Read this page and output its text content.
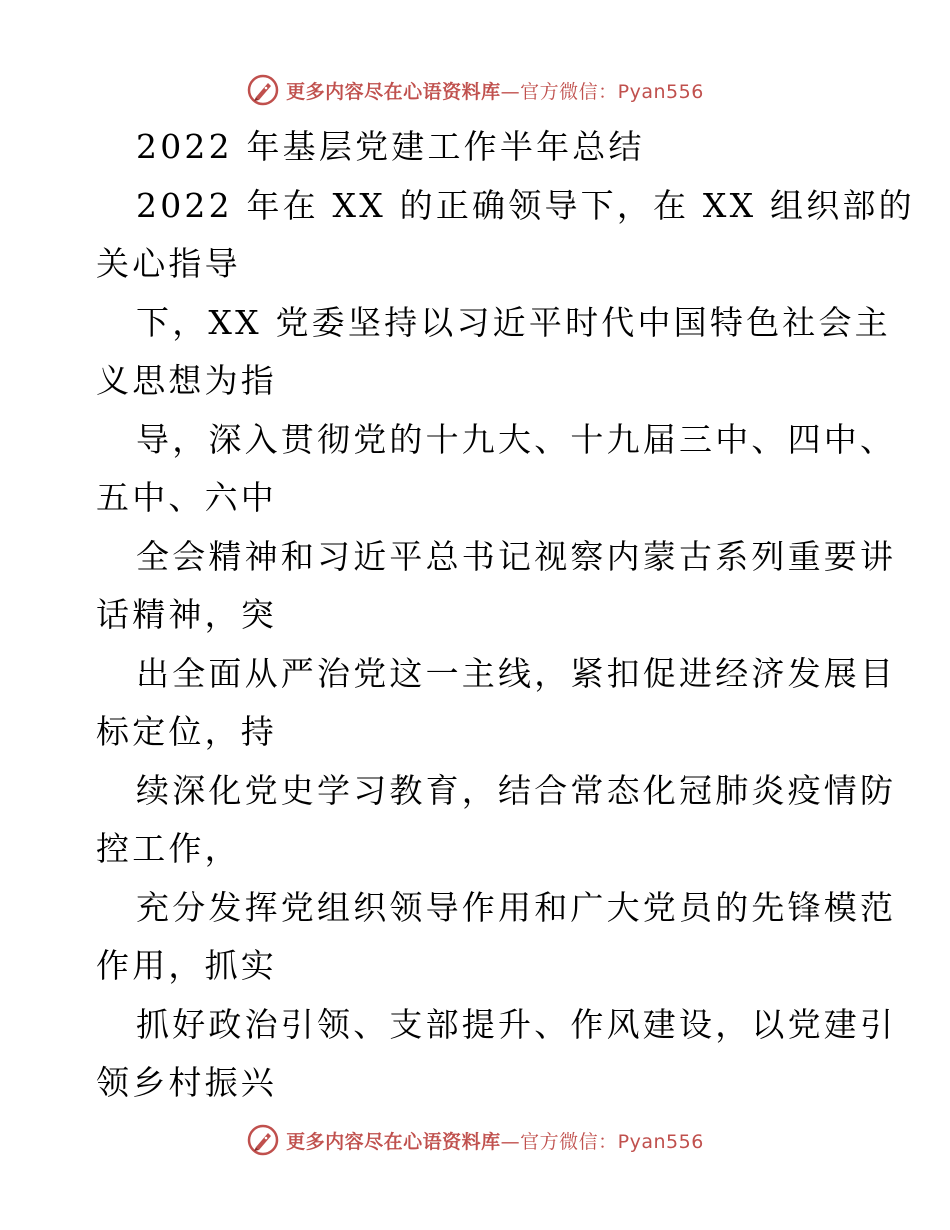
更多内容尽在心语资料库—官方微信：Pyan556

2022 年基层党建工作半年总结

2022 年在 XX 的正确领导下，在 XX 组织部的

关心指导

下，XX 党委坚持以习近平时代中国特色社会主

义思想为指

导，深入贯彻党的十九大、十九届三中、四中、

五中、六中

全会精神和习近平总书记视察内蒙古系列重要讲

话精神，突

出全面从严治党这一主线，紧扣促进经济发展目

标定位，持

续深化党史学习教育，结合常态化冠肺炎疫情防

控工作，

充分发挥党组织领导作用和广大党员的先锋模范

作用，抓实

抓好政治引领、支部提升、作风建设，以党建引

领乡村振兴

更多内容尽在心语资料库—官方微信：Pyan556
